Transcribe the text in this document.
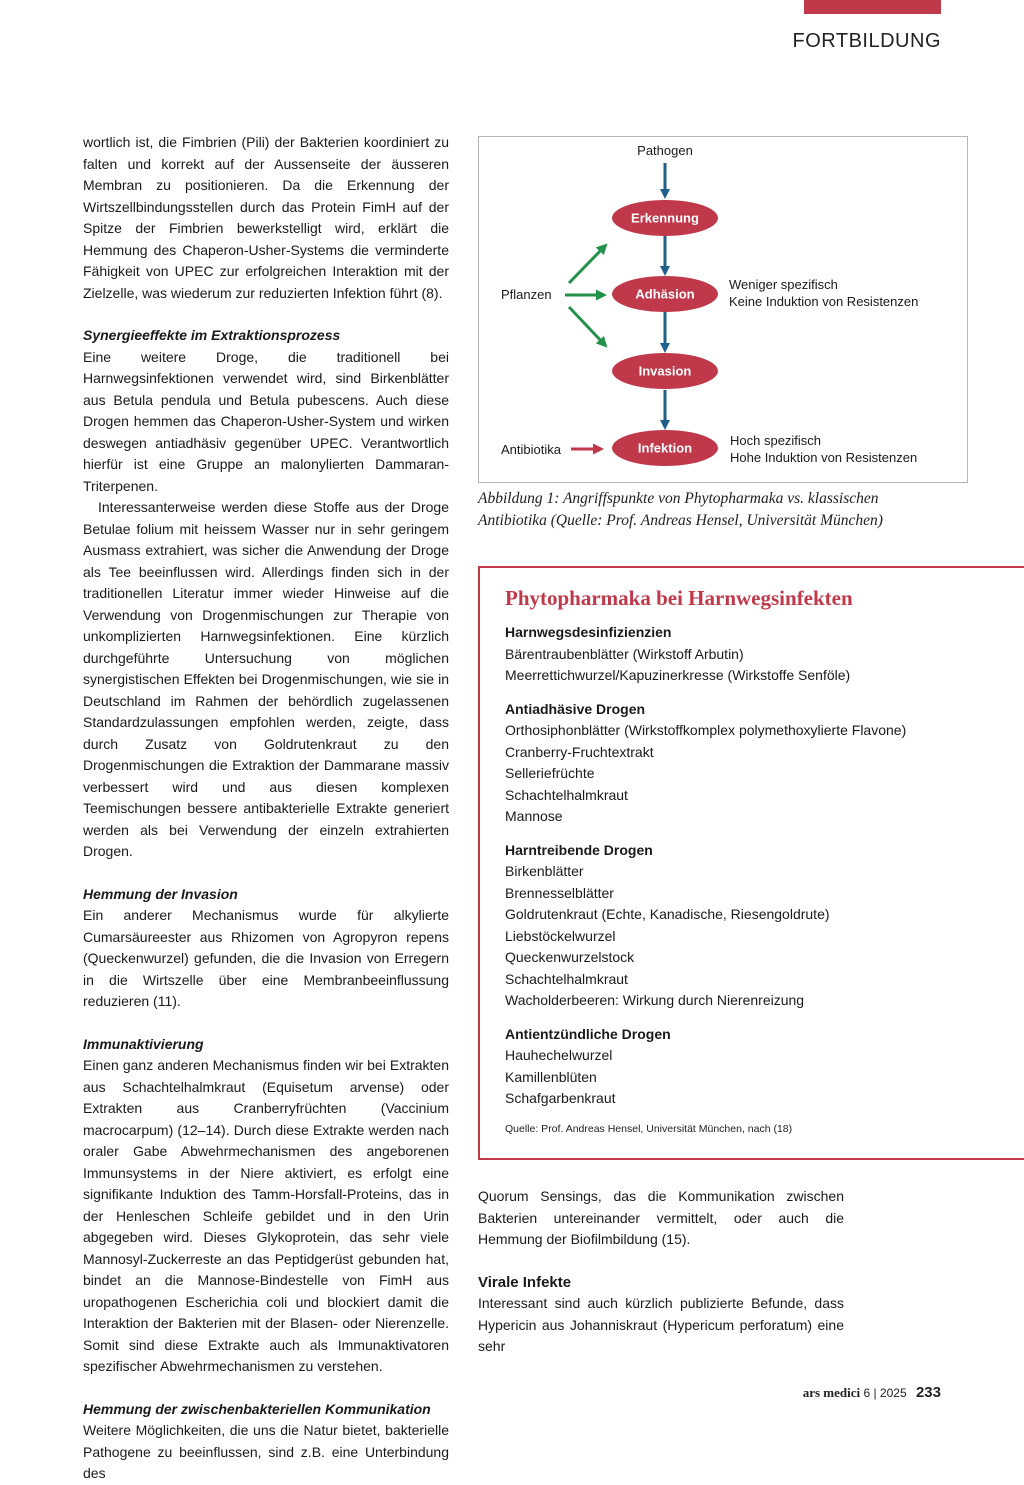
FORTBILDUNG

wortlich ist, die Fimbrien (Pili) der Bakterien koordiniert zu falten und korrekt auf der Aussenseite der äusseren Membran zu positionieren. Da die Erkennung der Wirtszellbindungsstellen durch das Protein FimH auf der Spitze der Fimbrien bewerkstelligt wird, erklärt die Hemmung des Chaperon-Usher-Systems die verminderte Fähigkeit von UPEC zur erfolgreichen Interaktion mit der Zielzelle, was wiederum zur reduzierten Infektion führt (8).

Synergieeffekte im Extraktionsprozess

Eine weitere Droge, die traditionell bei Harnwegsinfektionen verwendet wird, sind Birkenblätter aus Betula pendula und Betula pubescens. Auch diese Drogen hemmen das Chaperon-Usher-System und wirken deswegen antiadhäsiv gegenüber UPEC. Verantwortlich hierfür ist eine Gruppe an malonylierten Dammaran-Triterpenen.

Interessanterweise werden diese Stoffe aus der Droge Betulae folium mit heissem Wasser nur in sehr geringem Ausmass extrahiert, was sicher die Anwendung der Droge als Tee beeinflussen wird. Allerdings finden sich in der traditionellen Literatur immer wieder Hinweise auf die Verwendung von Drogenmischungen zur Therapie von unkomplizierten Harnwegsinfektionen. Eine kürzlich durchgeführte Untersuchung von möglichen synergistischen Effekten bei Drogenmischungen, wie sie in Deutschland im Rahmen der behördlich zugelassenen Standardzulassungen empfohlen werden, zeigte, dass durch Zusatz von Goldrutenkraut zu den Drogenmischungen die Extraktion der Dammarane massiv verbessert wird und aus diesen komplexen Teemischungen bessere antibakterielle Extrakte generiert werden als bei Verwendung der einzeln extrahierten Drogen.

Hemmung der Invasion

Ein anderer Mechanismus wurde für alkylierte Cumarsäureester aus Rhizomen von Agropyron repens (Queckenwurzel) gefunden, die die Invasion von Erregern in die Wirtszelle über eine Membranbeeinflussung reduzieren (11).

Immunaktivierung

Einen ganz anderen Mechanismus finden wir bei Extrakten aus Schachtelhalmkraut (Equisetum arvense) oder Extrakten aus Cranberryfrüchten (Vaccinium macrocarpum) (12–14). Durch diese Extrakte werden nach oraler Gabe Abwehrmechanismen des angeborenen Immunsystems in der Niere aktiviert, es erfolgt eine signifikante Induktion des Tamm-Horsfall-Proteins, das in der Henleschen Schleife gebildet und in den Urin abgegeben wird. Dieses Glykoprotein, das sehr viele Mannosyl-Zuckerreste an das Peptidgerüst gebunden hat, bindet an die Mannose-Bindestelle von FimH aus uropathogenen Escherichia coli und blockiert damit die Interaktion der Bakterien mit der Blasen- oder Nierenzelle. Somit sind diese Extrakte auch als Immunaktivatoren spezifischer Abwehrmechanismen zu verstehen.

Hemmung der zwischenbakteriellen Kommunikation

Weitere Möglichkeiten, die uns die Natur bietet, bakterielle Pathogene zu beeinflussen, sind z.B. eine Unterbindung des

Pathogen
Erkennung
Adhäsion
Invasion
Infektion
Pflanzen
Antibiotika
Weniger spezifisch
Keine Induktion von Resistenzen
Hoch spezifisch
Hohe Induktion von Resistenzen
Abbildung 1: Angriffspunkte von Phytopharmaka vs. klassischen Antibiotika (Quelle: Prof. Andreas Hensel, Universität München)
Phytopharmaka bei Harnwegsinfekten
Harnwegsdesinfizienzien
Bärentraubenblätter (Wirkstoff Arbutin)
Meerrettichwurzel/Kapuzinerkresse (Wirkstoffe Senföle)
Antiadhäsive Drogen
Orthosiphonblätter (Wirkstoffkomplex polymethoxylierte Flavone)
Cranberry-Fruchtextrakt
Selleriefrüchte
Schachtelhalmkraut
Mannose
Harntreibende Drogen
Birkenblätter
Brennesselblätter
Goldrutenkraut (Echte, Kanadische, Riesengoldrute)
Liebstöckelwurzel
Queckenwurzelstock
Schachtelhalmkraut
Wacholderbeeren: Wirkung durch Nierenreizung
Antientzündliche Drogen
Hauhechelwurzel
Kamillenblüten
Schafgarbenkraut
Quelle: Prof. Andreas Hensel, Universität München, nach (18)

Quorum Sensings, das die Kommunikation zwischen Bakterien untereinander vermittelt, oder auch die Hemmung der Biofilmbildung (15).

Virale Infekte

Interessant sind auch kürzlich publizierte Befunde, dass Hypericin aus Johanniskraut (Hypericum perforatum) eine sehr

ars medici 6 | 2025 233
